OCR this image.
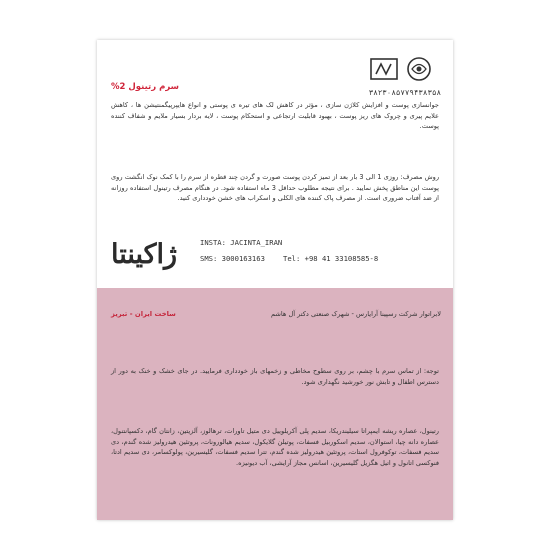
۳۸۲۳۰۸۵۷۷۹۴۳۸۳۵۸
سرم رتینول 2%
جوانسازی پوست و افزایش کلاژن سازی ، مؤثر در کاهش لک های تیره ی پوستی و انواع هایپرپیگمنتیشن ها ، کاهش علایم پیری و چروک های ریز پوست ، بهبود قابلیت ارتجاعی و استحکام پوست ، لایه بردار بسیار ملایم و شفاف کننده پوست.
روش مصرف: روزی 1 الی 3 بار بعد از تمیز کردن پوست صورت و گردن چند قطره از سرم را با کمک نوک انگشت روی پوست این مناطق پخش نمایید . برای نتیجه مطلوب حداقل 3 ماه استفاده شود. در هنگام مصرف رتینول استفاده روزانه از ضد آفتاب ضروری است. از مصرف پاک کننده های الکلی و اسکراب های خشن خودداری کنید.
ژاکینتا	INSTA: JACINTA_IRAN
SMS: 3000163163	Tel: +98 41 33108585-8
ساخت ایران - تبریز	لابراتوار شرکت رسپینا آرایارس - شهرک صنعتی دکتر آل هاشم
توجه: از تماس سرم با چشم، بر روی سطوح مخاطی و زخمهای باز خودداری فرمایید. در جای خشک و خنک به دور از دسترس اطفال و تابش نور خورشید نگهداری شود.
رتینول، عصاره ریشه ایمپراتا سیلیندریکا، سدیم پلی آکریلوییل دی متیل تاورات، ترهالوز، آلزیتین، زانتان گام، دکسپانتنول، عصاره دانه چیا، استوالان، سدیم اسکوربیل فسفات، پوتیلن گلایکول، سدیم هیالورونات، پروتئین هیدرولیز شده گندم، دی سدیم فسفات، توکوفرول استات، پروتئین هیدرولیز شده گندم، تترا سدیم فسفات، گلیسیرین، پولوکسامر، دی سدیم ادتا، فنوکسی اتانول و اتیل هگزیل گلیسیرین، اسانس مجاز آرایشی، آب دیونیزه.
